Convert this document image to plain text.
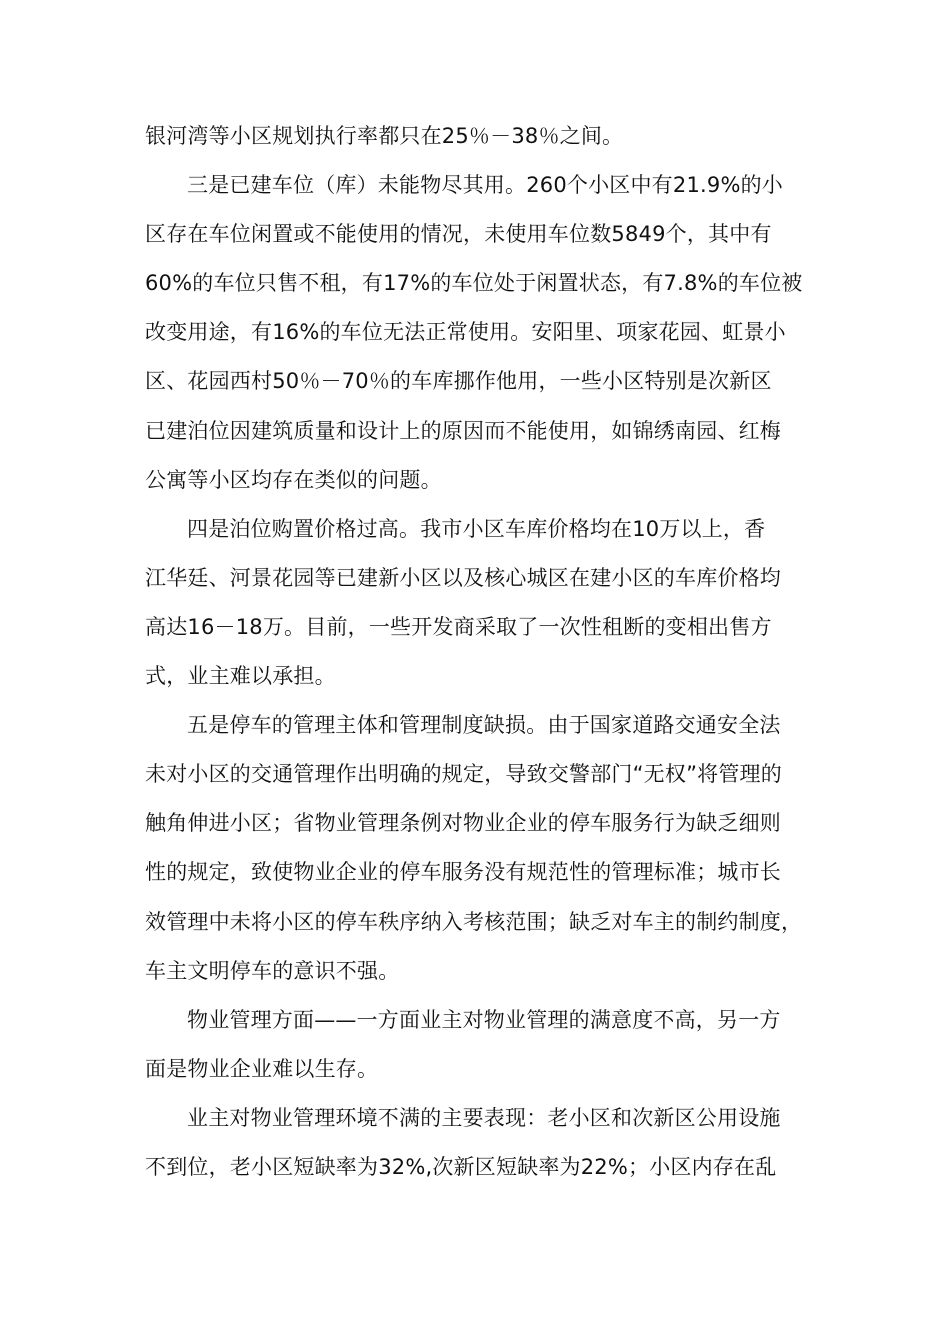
银河湾等小区规划执行率都只在25％－38％之间。
三是已建车位（库）未能物尽其用。260个小区中有21.9%的小
区存在车位闲置或不能使用的情况，未使用车位数5849个，其中有
60%的车位只售不租，有17%的车位处于闲置状态，有7.8%的车位被
改变用途，有16%的车位无法正常使用。安阳里、项家花园、虹景小
区、花园西村50％－70％的车库挪作他用，一些小区特别是次新区
已建泊位因建筑质量和设计上的原因而不能使用，如锦绣南园、红梅
公寓等小区均存在类似的问题。
四是泊位购置价格过高。我市小区车库价格均在10万以上，香
江华廷、河景花园等已建新小区以及核心城区在建小区的车库价格均
高达16－18万。目前，一些开发商采取了一次性租断的变相出售方
式，业主难以承担。
五是停车的管理主体和管理制度缺损。由于国家道路交通安全法
未对小区的交通管理作出明确的规定，导致交警部门“无权”将管理的
触角伸进小区；省物业管理条例对物业企业的停车服务行为缺乏细则
性的规定，致使物业企业的停车服务没有规范性的管理标准；城市长
效管理中未将小区的停车秩序纳入考核范围；缺乏对车主的制约制度，
车主文明停车的意识不强。
物业管理方面——一方面业主对物业管理的满意度不高，另一方
面是物业企业难以生存。
业主对物业管理环境不满的主要表现：老小区和次新区公用设施
不到位，老小区短缺率为32%,次新区短缺率为22%；小区内存在乱
